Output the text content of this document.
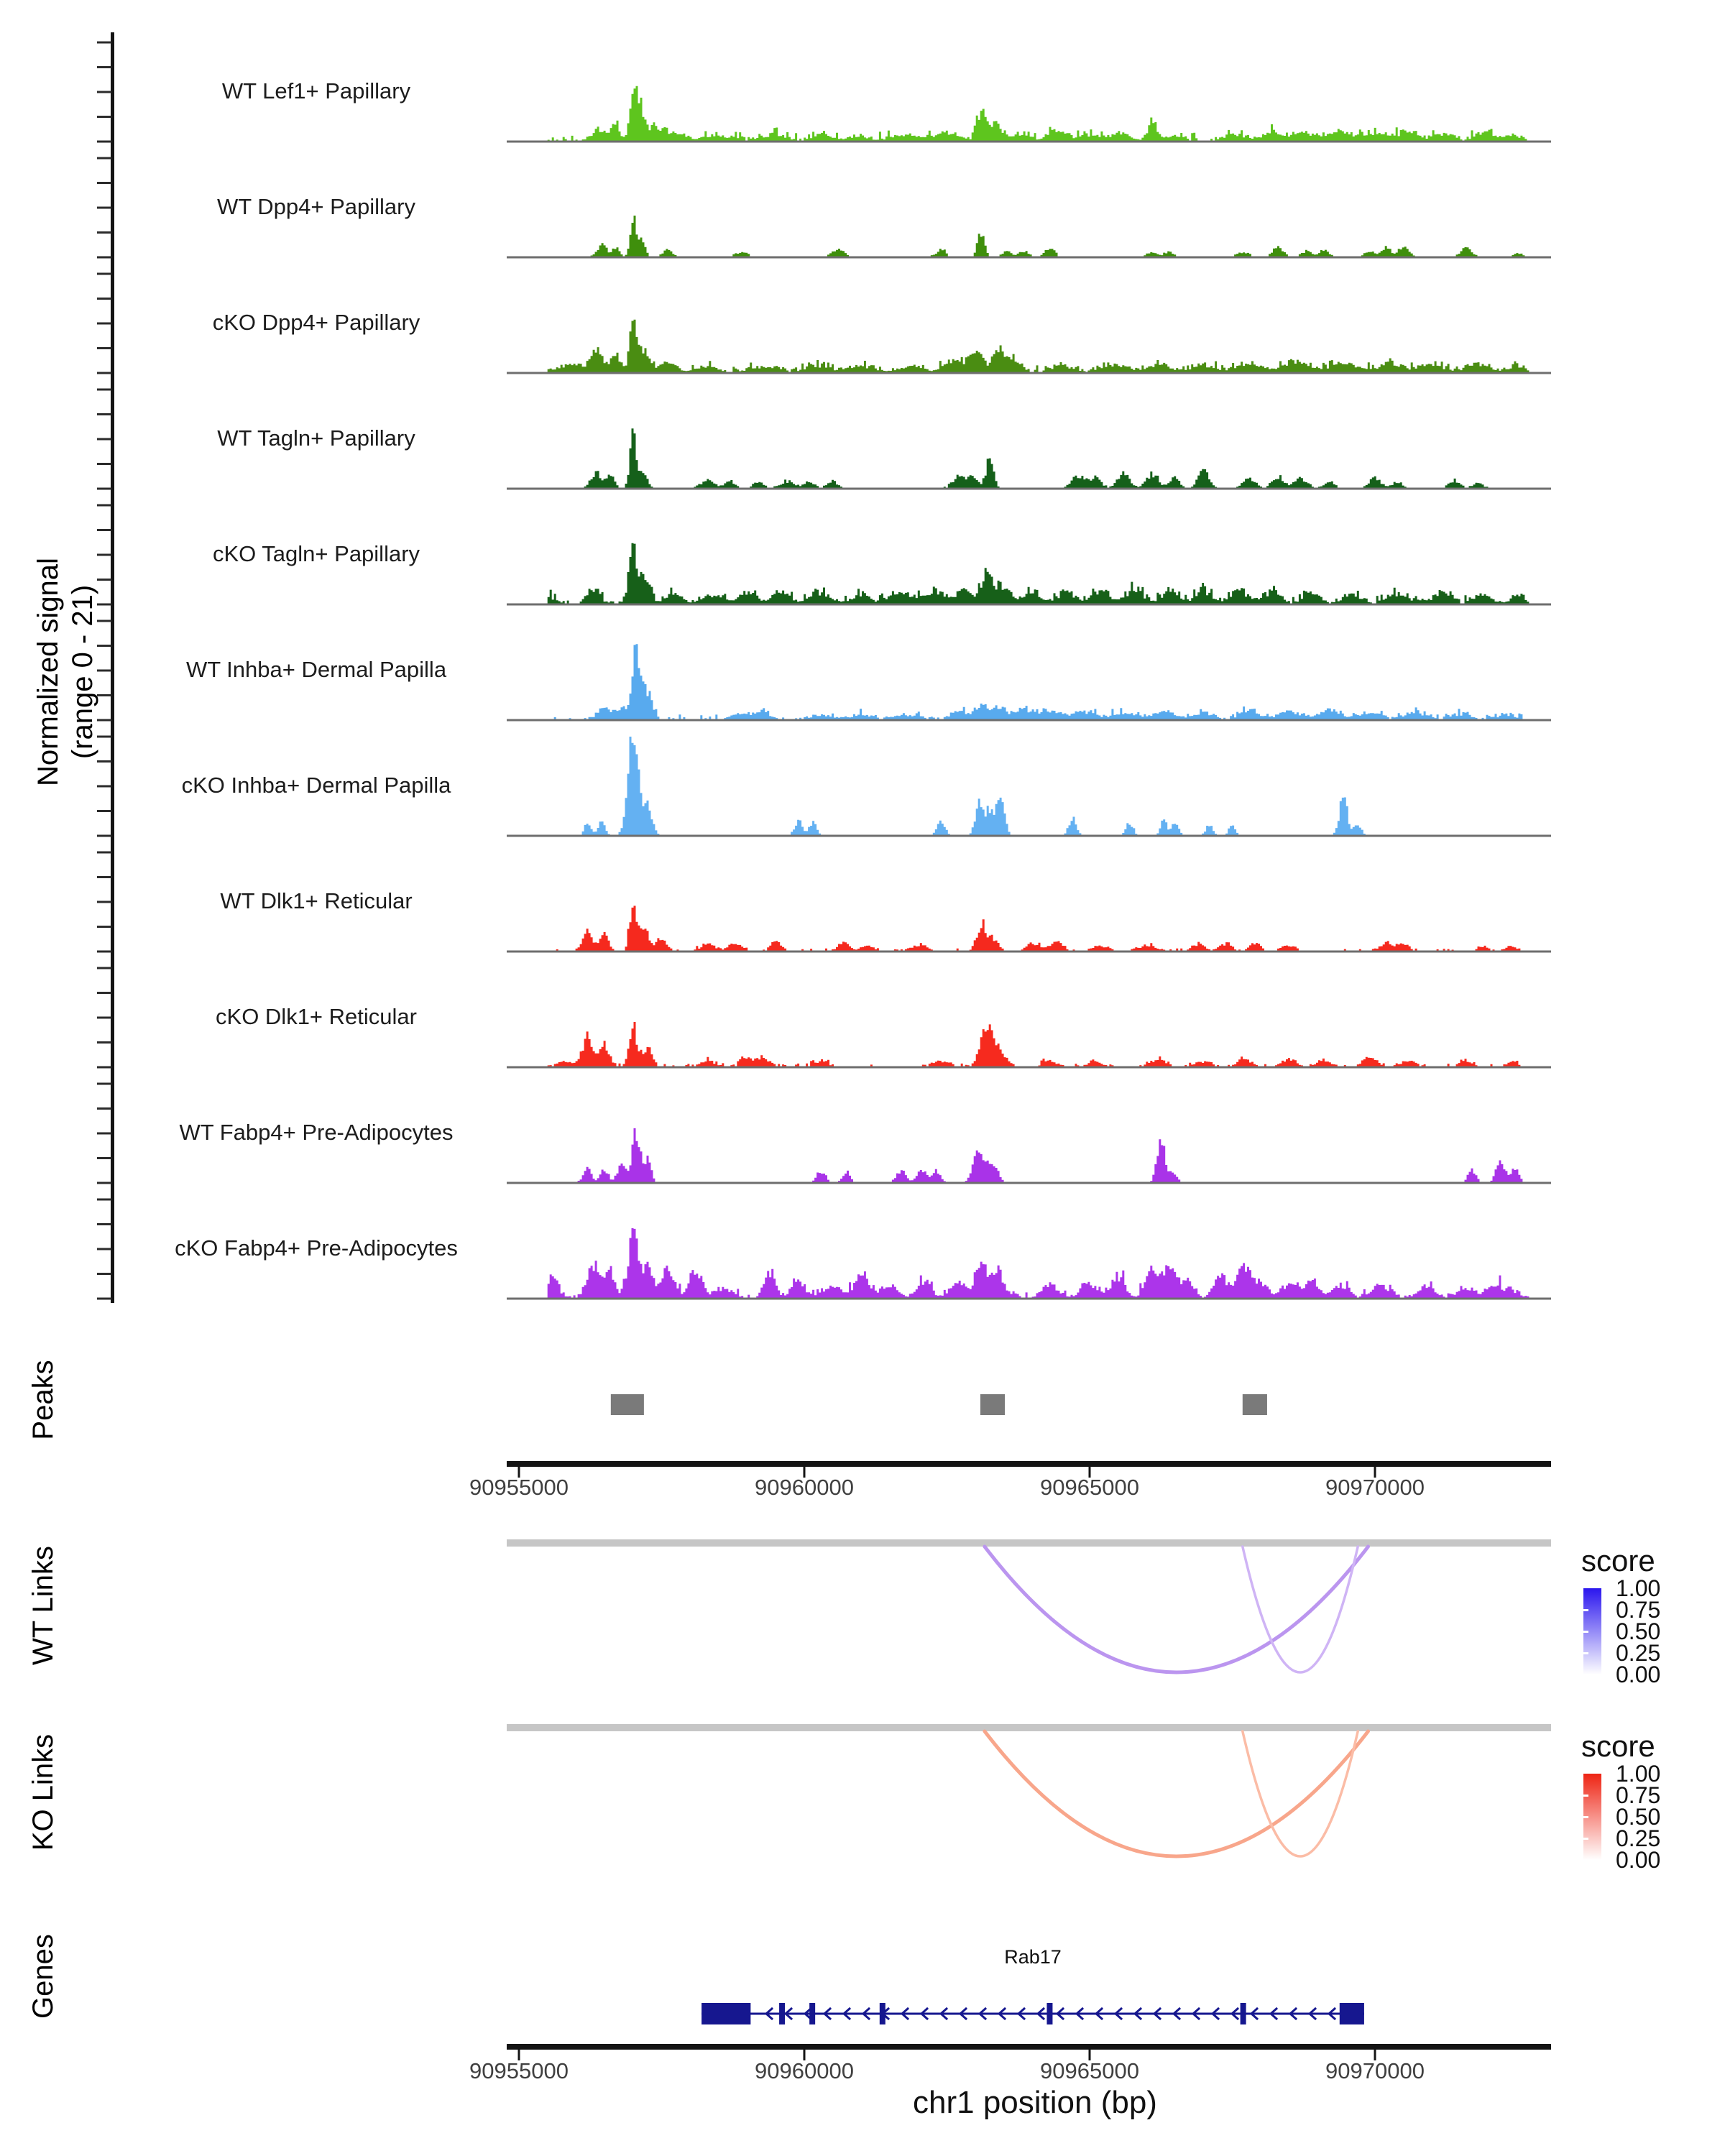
Normalized signal (range 0 - 21)
WT Lef1+ Papillary
WT Dpp4+ Papillary
cKO Dpp4+ Papillary
WT Tagln+ Papillary
cKO Tagln+ Papillary
WT Inhba+ Dermal Papilla
cKO Inhba+ Dermal Papilla
WT Dlk1+ Reticular
cKO Dlk1+ Reticular
WT Fabp4+ Pre-Adipocytes
cKO Fabp4+ Pre-Adipocytes
Peaks
WT Links
KO Links
Genes
90955000	90960000	90965000	90970000
score
1.00
0.75
0.50
0.25
0.00
score
1.00
0.75
0.50
0.25
0.00
Rab17
90955000	90960000	90965000	90970000
chr1 position (bp)
